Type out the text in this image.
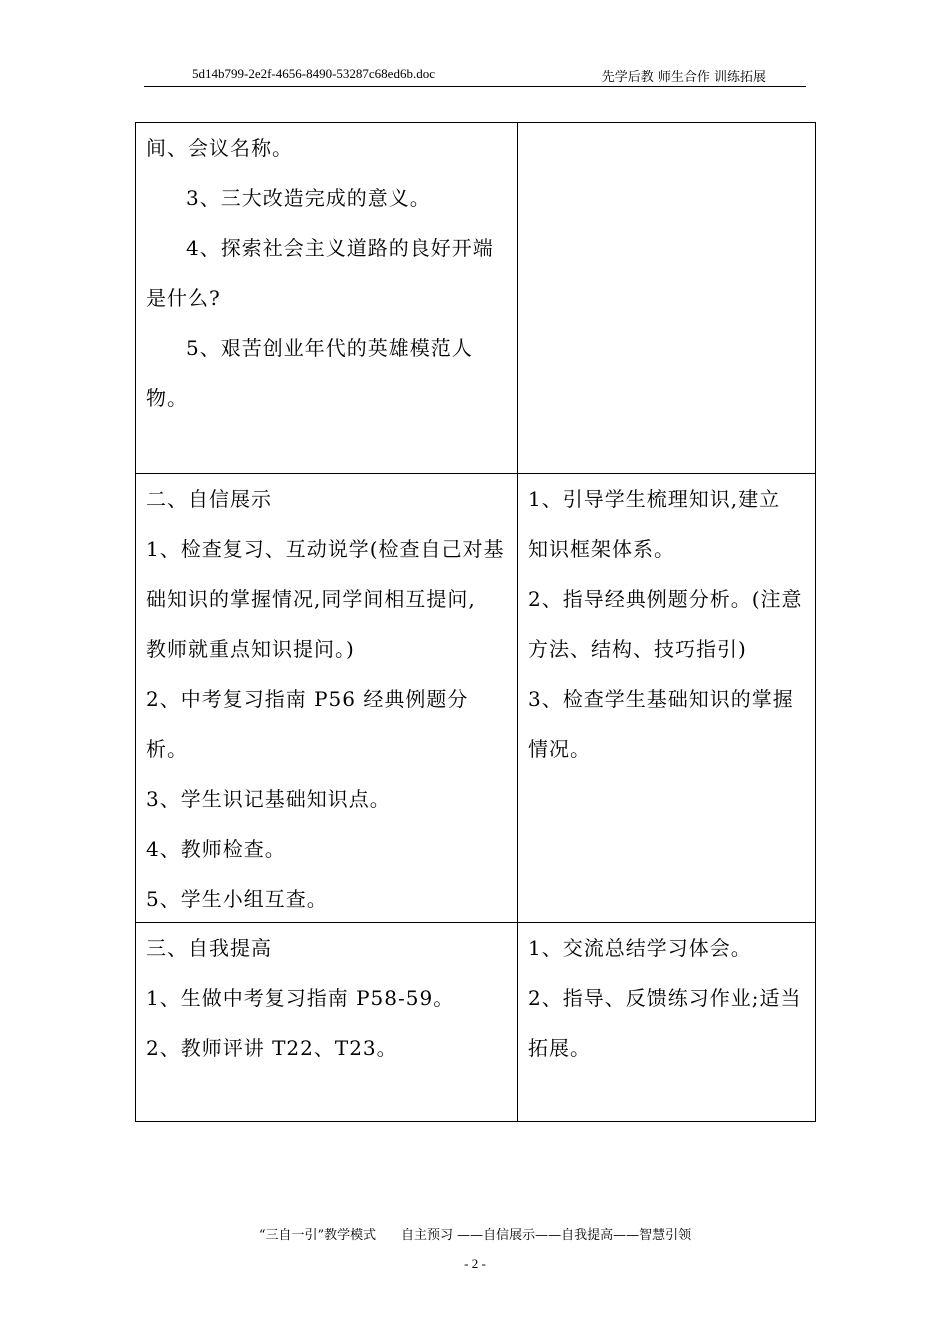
5d14b799-2e2f-4656-8490-53287c68ed6b.doc	先学后教 师生合作 训练拓展

间、会议名称。

3、三大改造完成的意义。

4、探索社会主义道路的良好开端

是什么?

5、艰苦创业年代的英雄模范人

物。

二、自信展示

1、检查复习、互动说学(检查自己对基

础知识的掌握情况,同学间相互提问,

教师就重点知识提问。)

2、中考复习指南 P56 经典例题分析。

3、学生识记基础知识点。

4、教师检查。

5、学生小组互查。

1、引导学生梳理知识,建立

知识框架体系。

2、指导经典例题分析。(注意

方法、结构、技巧指引)

3、检查学生基础知识的掌握

情况。

三、自我提高

1、生做中考复习指南 P58-59。

2、教师评讲 T22、T23。

1、交流总结学习体会。

2、指导、反馈练习作业;适当

拓展。

“三自一引”教学模式      自主预习 ——自信展示——自我提高——智慧引领
- 2 -
